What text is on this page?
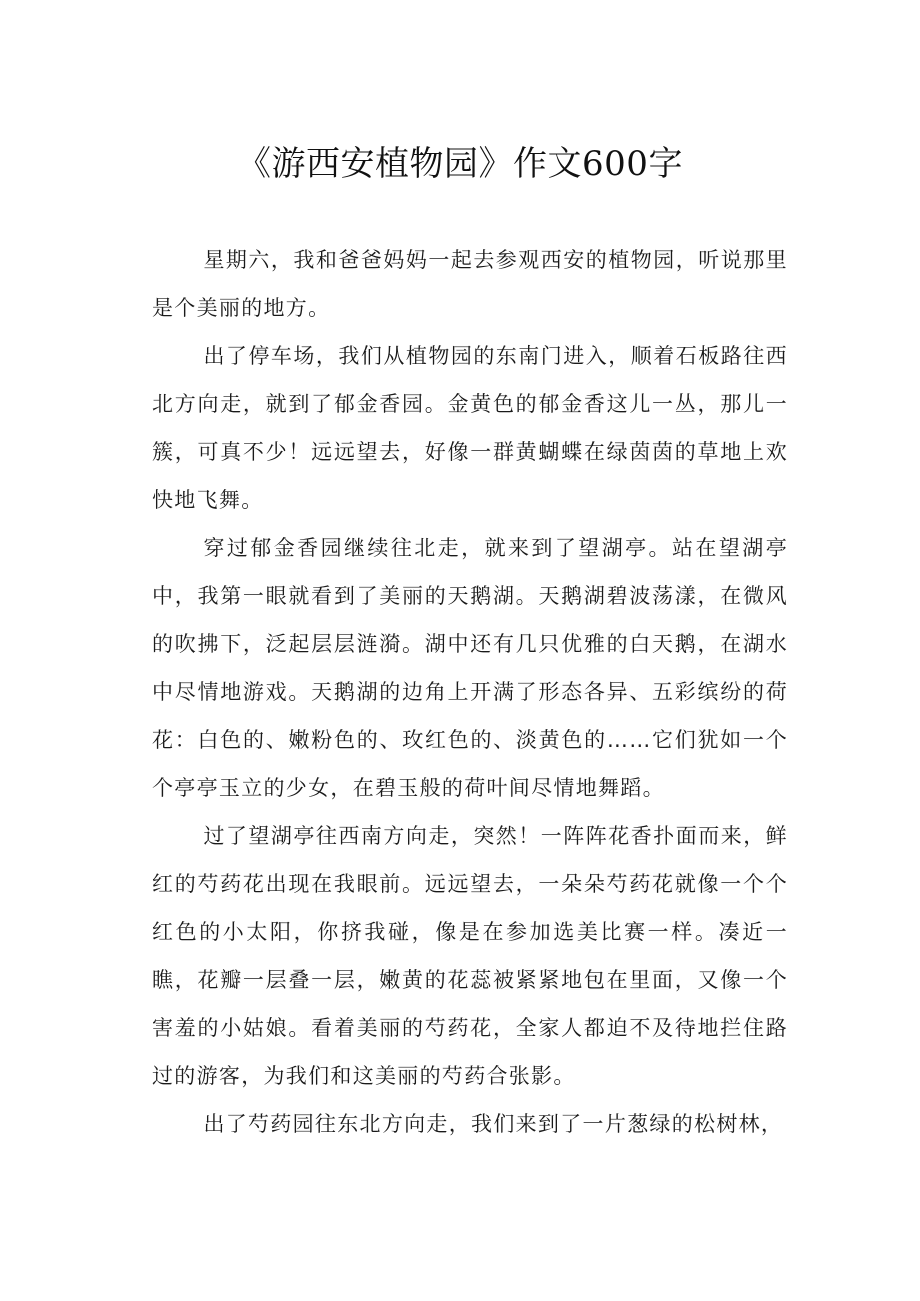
《游西安植物园》作文600字

星期六，我和爸爸妈妈一起去参观西安的植物园，听说那里是个美丽的地方。

出了停车场，我们从植物园的东南门进入，顺着石板路往西北方向走，就到了郁金香园。金黄色的郁金香这儿一丛，那儿一簇，可真不少！远远望去，好像一群黄蝴蝶在绿茵茵的草地上欢快地飞舞。

穿过郁金香园继续往北走，就来到了望湖亭。站在望湖亭中，我第一眼就看到了美丽的天鹅湖。天鹅湖碧波荡漾，在微风的吹拂下，泛起层层涟漪。湖中还有几只优雅的白天鹅，在湖水中尽情地游戏。天鹅湖的边角上开满了形态各异、五彩缤纷的荷花：白色的、嫩粉色的、玫红色的、淡黄色的……它们犹如一个个亭亭玉立的少女，在碧玉般的荷叶间尽情地舞蹈。

过了望湖亭往西南方向走，突然！一阵阵花香扑面而来，鲜红的芍药花出现在我眼前。远远望去，一朵朵芍药花就像一个个红色的小太阳，你挤我碰，像是在参加选美比赛一样。凑近一瞧，花瓣一层叠一层，嫩黄的花蕊被紧紧地包在里面，又像一个害羞的小姑娘。看着美丽的芍药花，全家人都迫不及待地拦住路过的游客，为我们和这美丽的芍药合张影。

出了芍药园往东北方向走，我们来到了一片葱绿的松树林，
